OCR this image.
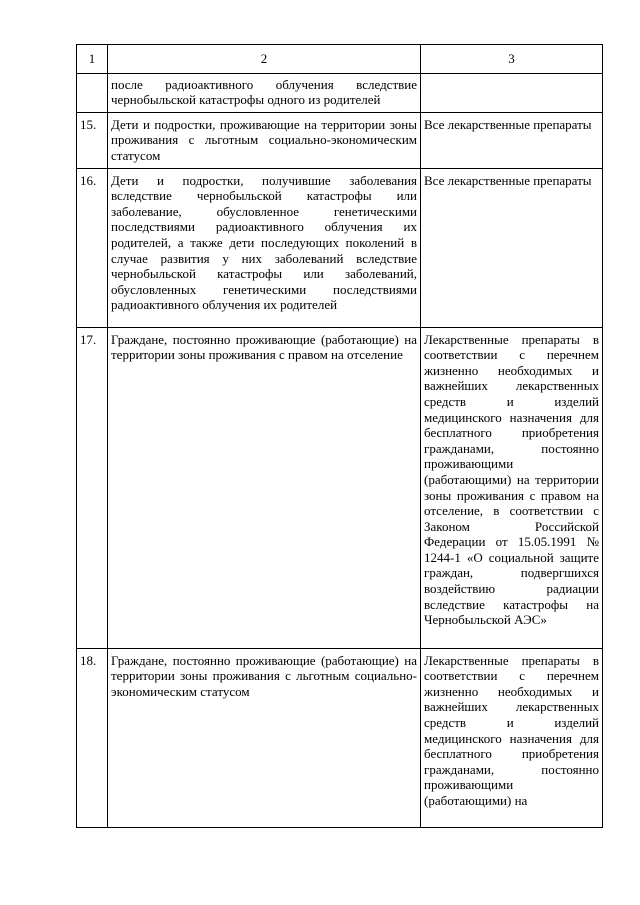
1	2	3
	после радиоактивного облучения вследствие чернобыльской катастрофы одного из родителей	
15.	Дети и подростки, проживающие на территории зоны проживания с льготным социально-экономическим статусом	Все лекарственные препараты
16.	Дети и подростки, получившие заболевания вследствие чернобыльской катастрофы или заболевание, обусловленное генетическими последствиями радиоактивного облучения их родителей, а также дети последующих поколений в случае развития у них заболеваний вследствие чернобыльской катастрофы или заболеваний, обусловленных генетическими последствиями радиоактивного облучения их родителей	Все лекарственные препараты
17.	Граждане, постоянно проживающие (работающие) на территории зоны проживания с правом на отселение	Лекарственные препараты в соответствии с перечнем жизненно необходимых и важнейших лекарственных средств и изделий медицинского назначения для бесплатного приобретения гражданами, постоянно проживающими (работающими) на территории зоны проживания с правом на отселение, в соответствии с Законом Российской Федерации от 15.05.1991 № 1244-1 «О социальной защите граждан, подвергшихся воздействию радиации вследствие катастрофы на Чернобыльской АЭС»
18.	Граждане, постоянно проживающие (работающие) на территории зоны проживания с льготным социально-экономическим статусом	Лекарственные препараты в соответствии с перечнем жизненно необходимых и важнейших лекарственных средств и изделий медицинского назначения для бесплатного приобретения гражданами, постоянно проживающими (работающими) на
